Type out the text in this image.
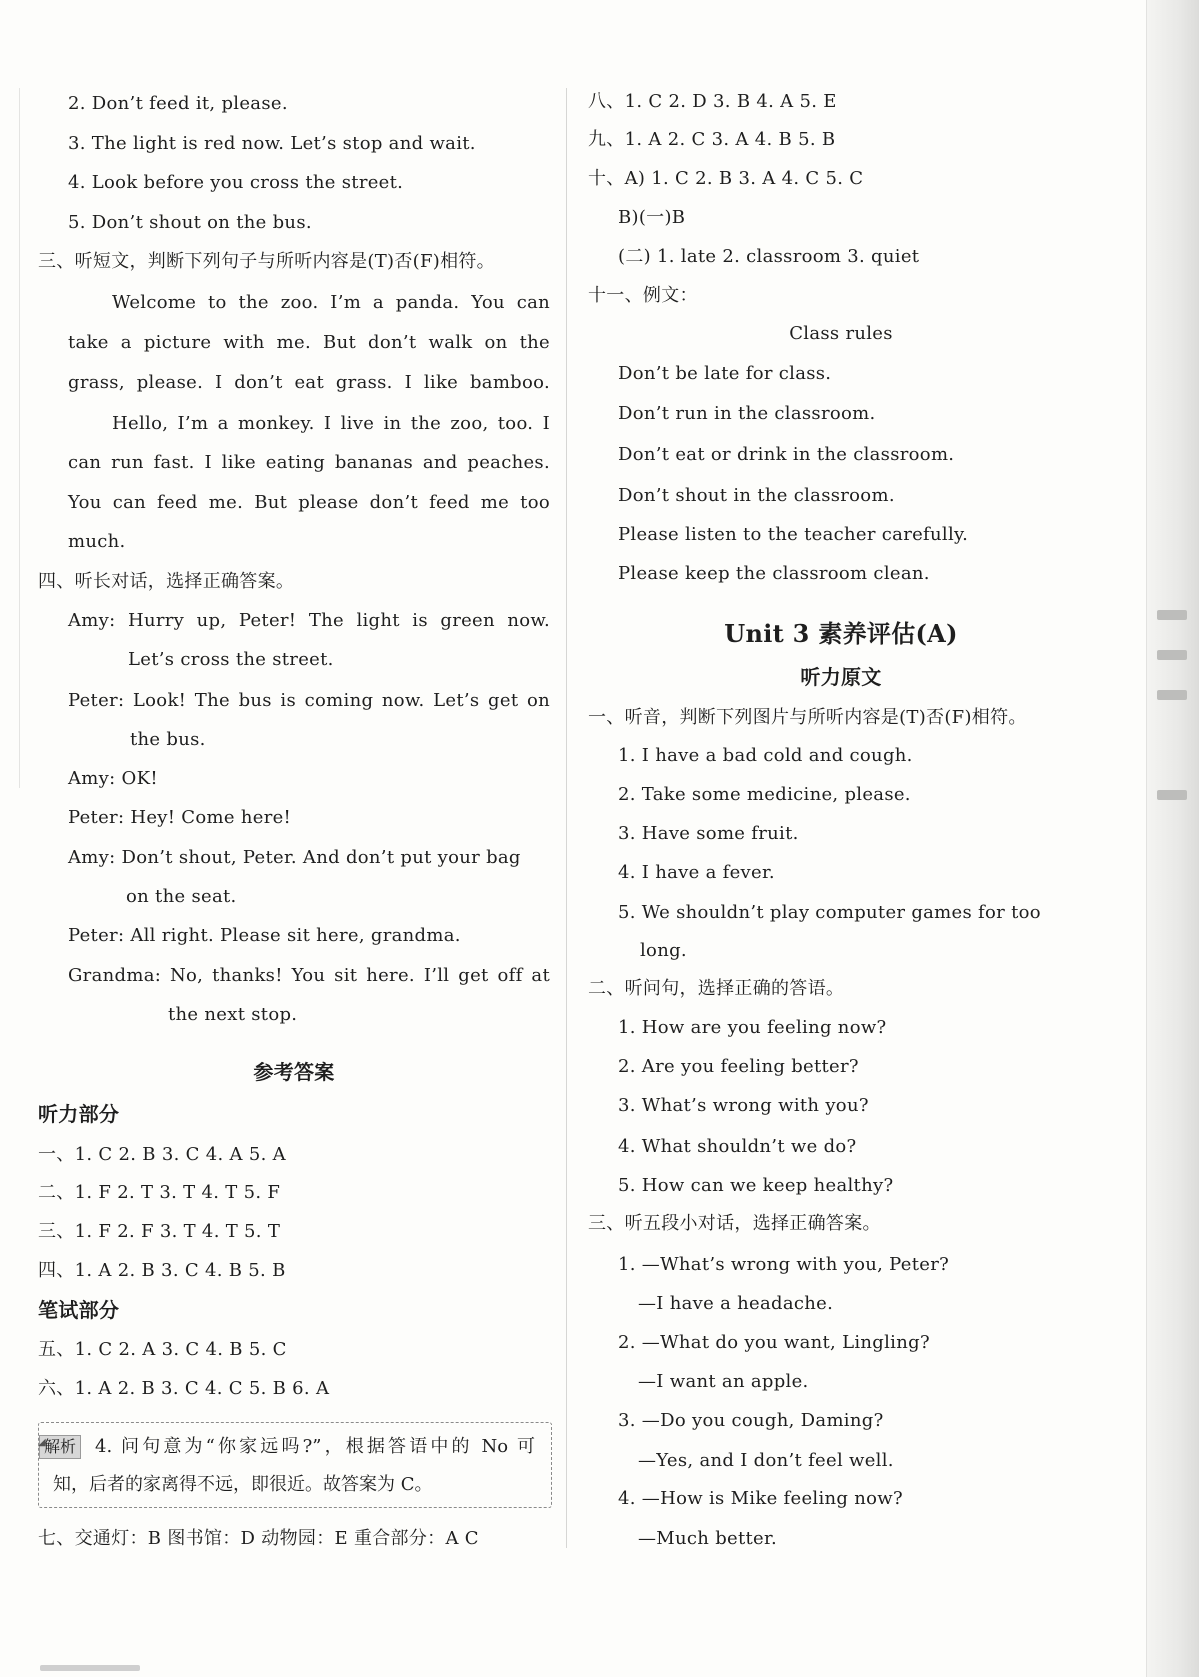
2. Don’t feed it, please.
3. The light is red now. Let’s stop and wait.
4. Look before you cross the street.
5. Don’t shout on the bus.
三、听短文，判断下列句子与所听内容是(T)否(F)相符。
Welcome to the zoo. I’m a panda. You can
take a picture with me. But don’t walk on the
grass, please. I don’t eat grass. I like bamboo.
Hello, I’m a monkey. I live in the zoo, too. I
can run fast. I like eating bananas and peaches.
You can feed me. But please don’t feed me too
much.
四、听长对话，选择正确答案。
Amy: Hurry up, Peter! The light is green now.
Let’s cross the street.
Peter: Look! The bus is coming now. Let’s get on
the bus.
Amy: OK!
Peter: Hey! Come here!
Amy: Don’t shout, Peter. And don’t put your bag
on the seat.
Peter: All right. Please sit here, grandma.
Grandma: No, thanks! You sit here. I’ll get off at
the next stop.
参考答案
听力部分
一、1. C 2. B 3. C 4. A 5. A
二、1. F 2. T 3. T 4. T 5. F
三、1. F 2. F 3. T 4. T 5. T
四、1. A 2. B 3. C 4. B 5. B
笔试部分
五、1. C 2. A 3. C 4. B 5. C
六、1. A 2. B 3. C 4. C 5. B 6. A
◢
解析 4. 问句意为“你家远吗?”，根据答语中的 No 可
知，后者的家离得不远，即很近。故答案为 C。
七、交通灯：B 图书馆：D 动物园：E 重合部分：A C
八、1. C 2. D 3. B 4. A 5. E
九、1. A 2. C 3. A 4. B 5. B
十、A) 1. C 2. B 3. A 4. C 5. C
B)(一)B
(二) 1. late 2. classroom 3. quiet
十一、例文：
Class rules
Don’t be late for class.
Don’t run in the classroom.
Don’t eat or drink in the classroom.
Don’t shout in the classroom.
Please listen to the teacher carefully.
Please keep the classroom clean.
Unit 3 素养评估(A)
听力原文
一、听音，判断下列图片与所听内容是(T)否(F)相符。
1. I have a bad cold and cough.
2. Take some medicine, please.
3. Have some fruit.
4. I have a fever.
5. We shouldn’t play computer games for too
long.
二、听问句，选择正确的答语。
1. How are you feeling now?
2. Are you feeling better?
3. What’s wrong with you?
4. What shouldn’t we do?
5. How can we keep healthy?
三、听五段小对话，选择正确答案。
1. —What’s wrong with you, Peter?
—I have a headache.
2. —What do you want, Lingling?
—I want an apple.
3. —Do you cough, Daming?
—Yes, and I don’t feel well.
4. —How is Mike feeling now?
—Much better.
